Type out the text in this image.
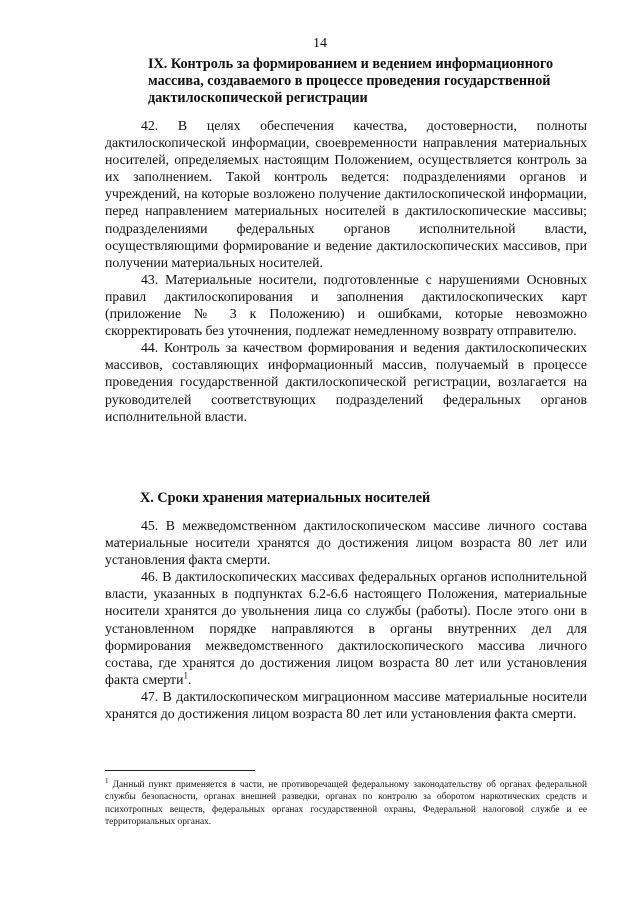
14
IX. Контроль за формированием и ведением информационного массива, создаваемого в процессе проведения государственной дактилоскопической регистрации

42. В целях обеспечения качества, достоверности, полноты дактилоскопической информации, своевременности направления материальных носителей, определяемых настоящим Положением, осуществляется контроль за их заполнением. Такой контроль ведется: подразделениями органов и учреждений, на которые возложено получение дактилоскопической информации, перед направлением материальных носителей в дактилоскопические массивы; подразделениями федеральных органов исполнительной власти, осуществляющими формирование и ведение дактилоскопических массивов, при получении материальных носителей.

43. Материальные носители, подготовленные с нарушениями Основных правил дактилоскопирования и заполнения дактилоскопических карт (приложение № 3 к Положению) и ошибками, которые невозможно скорректировать без уточнения, подлежат немедленному возврату отправителю.

44. Контроль за качеством формирования и ведения дактилоскопических массивов, составляющих информационный массив, получаемый в процессе проведения государственной дактилоскопической регистрации, возлагается на руководителей соответствующих подразделений федеральных органов исполнительной власти.

X. Сроки хранения материальных носителей

45. В межведомственном дактилоскопическом массиве личного состава материальные носители хранятся до достижения лицом возраста 80 лет или установления факта смерти.

46. В дактилоскопических массивах федеральных органов исполнительной власти, указанных в подпунктах 6.2-6.6 настоящего Положения, материальные носители хранятся до увольнения лица со службы (работы). После этого они в установленном порядке направляются в органы внутренних дел для формирования межведомственного дактилоскопического массива личного состава, где хранятся до достижения лицом возраста 80 лет или установления факта смерти$^1$.

47. В дактилоскопическом миграционном массиве материальные носители хранятся до достижения лицом возраста 80 лет или установления факта смерти.

$^1$ Данный пункт применяется в части, не противоречащей федеральному законодательству об органах федеральной службы безопасности, органах внешней разведки, органах по контролю за оборотом наркотических средств и психотропных веществ, федеральных органах государственной охраны, Федеральной налоговой службе и ее территориальных органах.
